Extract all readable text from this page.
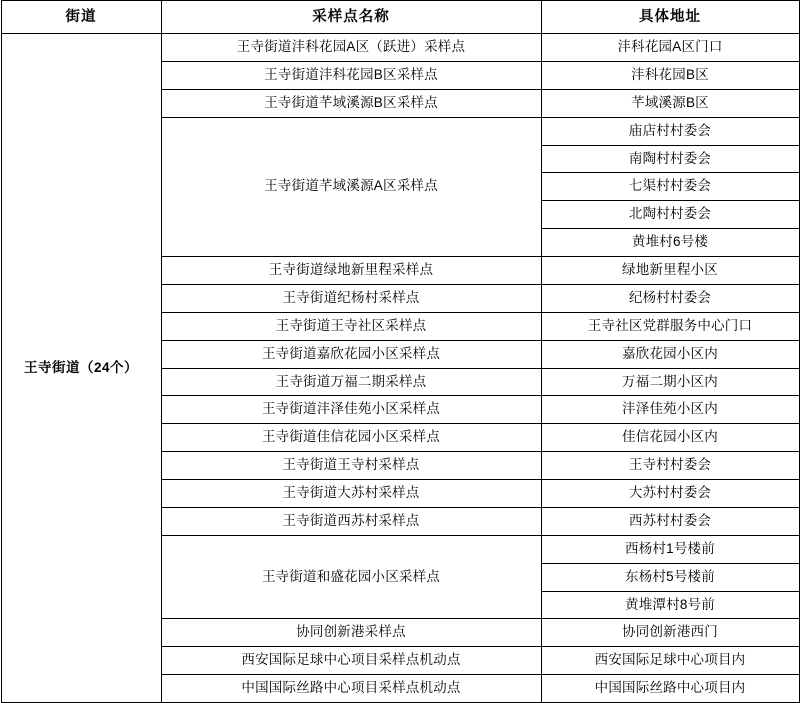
街道	采样点名称	具体地址
王寺街道（24个）	王寺街道沣科花园A区（跃进）采样点	沣科花园A区门口
	王寺街道沣科花园B区采样点	沣科花园B区
	王寺街道芊域溪源B区采样点	芊域溪源B区
	王寺街道芊域溪源A区采样点	庙店村村委会
		南陶村村委会
		七渠村村委会
		北陶村村委会
		黄堆村6号楼
	王寺街道绿地新里程采样点	绿地新里程小区
	王寺街道纪杨村采样点	纪杨村村委会
	王寺街道王寺社区采样点	王寺社区党群服务中心门口
	王寺街道嘉欣花园小区采样点	嘉欣花园小区内
	王寺街道万福二期采样点	万福二期小区内
	王寺街道沣泽佳苑小区采样点	沣泽佳苑小区内
	王寺街道佳信花园小区采样点	佳信花园小区内
	王寺街道王寺村采样点	王寺村村委会
	王寺街道大苏村采样点	大苏村村委会
	王寺街道西苏村采样点	西苏村村委会
	王寺街道和盛花园小区采样点	西杨村1号楼前
		东杨村5号楼前
		黄堆潭村8号前
	协同创新港采样点	协同创新港西门
	西安国际足球中心项目采样点机动点	西安国际足球中心项目内
	中国国际丝路中心项目采样点机动点	中国国际丝路中心项目内
